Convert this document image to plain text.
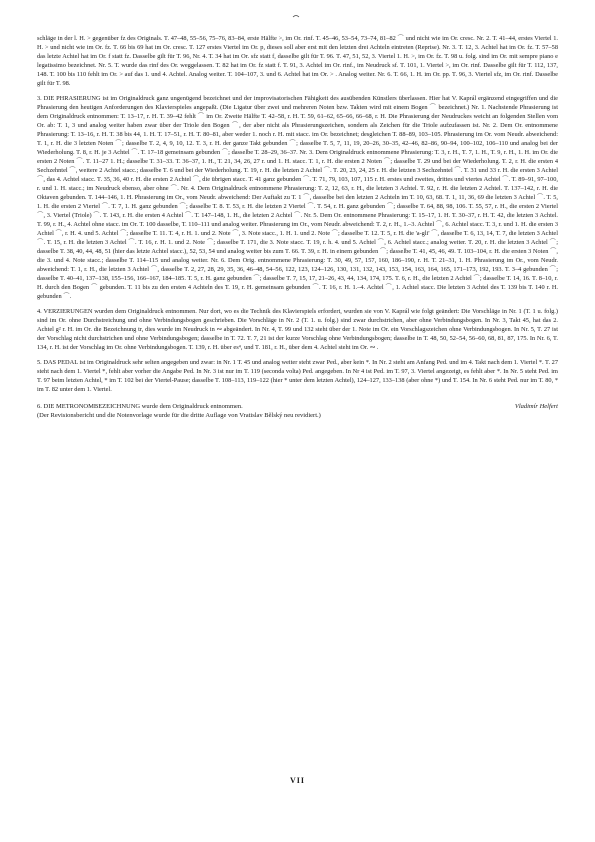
schläge in der l. H. > gegenüber fz des Originals. T. 47–48, 55–56, 75–76, 83–84, erste Hälfte >, im Or. rinf. T. 45–46, 53–54, 73–74, 81–82 ⌒ und nicht wie im Or. cresc. Nr. 2. T. 41–44, erstes Viertel 1. H. > und nicht wie im Or. fz. T. 66 bis 69 hat im Or. cresc. T. 127 erstes Viertel im Or. p, dieses soll aber erst mit den letzten drei Achteln eintreten (Reprise). Nr. 3. T. 12, 3. Achtel hat im Or. fz. T. 57–58 das letzte Achtel hat im Or. f statt fz. Dasselbe gilt für T. 96, Nr. 4. T. 34 hat im Or. sfz statt f, dasselbe gilt für T. 96. T. 47, 51, 52, 3. Viertel 1. H. >, im Or. fz. T. 98 u. folg. sind im Or. mit sempre piano e legatissimo bezeichnet. Nr. 5. T. wurde das rinf des Or. weggelassen. T. 82 hat im Or. fz statt f. T. 91, 3. Achtel im Or. rinf., im Neudruck sf. T. 101, 1. Viertel >, im Or. rinf. Dasselbe gilt für T. 112, 137, 148. T. 100 bis 110 fehlt im Or. > auf das 1. und 4. Achtel. Analog weiter. T. 104–107, 3. und 6. Achtel hat im Or. > . Analog weiter. Nr. 6. T. 66, 1. H. im Or. pp. T. 96, 3. Viertel sfz, im Or. rinf. Dasselbe gilt für T. 98.

3. DIE PHRASIERUNG ist im Originaldruck ganz ungenügend bezeichnet und der improvisatorischen Fähigkeit des ausübenden Künstlers überlassen. Hier hat V. Kaprál ergänzend eingegriffen und die Phrasierung den heutigen Anforderungen des Klavierspieles angepaßt. (Die Ligatur über zwei und mehreren Noten bzw. Takten wird mit einem Bogen ⌒ bezeichnet.) Nr. 1. Nachstende Phrasierung ist dem Originaldruck entnommen: T. 13–17, r. H. T. 39–42 fehlt ⌒ im Or. Zweite Hälfte T. 42–58, r. H. T. 59, 61–62, 65–66, 66–68, r. H. Die Phrasierung der Neudruckes weicht an folgenden Stellen vom Or. ab: T. 1, 3 und analog weiter haben zwar über der Triole den Bogen ⌒, der aber nicht als Phrasierungszeichen, sondern als Zeichen für die Triole aufzufassen ist. Nr. 2. Dem Or. entnommene Phrasierung: T. 13–16, r. H. T. 38 bis 44, 1. H. T. 17–51, r. H. T. 80–81, aber weder 1. noch r. H. mit stacc. im Or. bezeichnet; desgleichen T. 88–89, 103–105. Phrasierung im Or. vom Neudr. abweichend: T. 1, r. H. die 3 letzten Noten ⌒; dasselbe T. 2, 4, 9, 10, 12. T. 3, r. H. der ganze Takt gebunden ⌒; dasselbe T. 5, 7, 11, 19, 20–26, 30–35, 42–46, 82–86, 90–94, 100–102, 106–110 und analog bei der Wiederholung. T. 8, r. H. je 3 Achtel ⌒. T. 17–18 gemeinsam gebunden ⌒; dasselbe T. 28–29, 36–37. Nr. 3. Dem Originaldruck entnommene Phrasierung: T. 3, r. H., T. 7, 1. H., T. 9, r. H., 1. H. im Or. die ersten 2 Noten ⌒. T. 11–27 1. H.; dasselbe T. 31–33. T. 36–37, 1. H., T. 21, 34, 26, 27 r. und 1. H. stacc. T. 1, r. H. die ersten 2 Noten ⌒; dasselbe T. 29 und bei der Wiederholung. T. 2, r. H. die ersten 4 Sechzehntel ⌒, weitere 2 Achtel stacc.; dasselbe T. 6 und bei der Wiederholung. T. 19, r. H. die letzten 2 Achtel ⌒. T. 20, 23, 24, 25 r. H. die letzten 3 Sechzehntel ⌒. T. 31 und 33 r. H. die ersten 3 Achtel ⌒, das 4. Achtel stacc. T. 35, 36, 40 r. H. die ersten 2 Achtel ⌒, die übrigen stacc. T. 41 ganz gebunden ⌒. T. 71, 79, 103, 107, 115 r. H. erstes und zweites, drittes und viertes Achtel ⌒. T. 89–91, 97–100, r. und 1. H. stacc.; im Neudruck ebenso, aber ohne ⌒. Nr. 4. Dem Originaldruck entnommene Phrasierung: T. 2, 12, 63, r. H., die letzten 3 Achtel. T. 92, r. H. die letzten 2 Achtel. T. 137–142, r. H. die Oktaven gebunden. T. 144–146, 1. H. Phrasierung im Or., vom Neudr. abweichend: Der Auftakt zu T. 1 ⌒, dasselbe bei den letzten 2 Achteln im T. 10, 63, 68. T. 1, 11, 36, 69 die letzten 3 Achtel ⌒. T. 5, 1. H. die ersten 2 Viertel ⌒. T. 7, 1. H. ganz gebunden ⌒; dasselbe T. 8. T. 53, r. H. die letzten 2 Viertel ⌒. T. 54, r. H. ganz gebunden ⌒; dasselbe T. 64, 88, 98, 106. T. 55, 57, r. H., die ersten 2 Viertel ⌒, 3. Viertel (Triole) ⌒. T. 143, r. H. die ersten 4 Achtel ⌒. T. 147–148, 1. H., die letzten 2 Achtel ⌒. Nr. 5. Dem Or. entnommene Phrasierung: T. 15–17, 1. H. T. 30–37, r. H. T. 42, die letzten 3 Achtel. T. 99, r. H., 4. Achtel ohne stacc. im Or. T. 100 dasselbe, T. 110–111 und analog weiter. Phrasierung im Or., vom Neudr. abweichend: T. 2, r. H., 1.–3. Achtel ⌒, 6. Achtel stacc. T. 3, r. und 1. H. die ersten 3 Achtel ⌒, r. H. 4. und 5. Achtel ⌒; dasselbe T. 11. T. 4, r. H. 1. und 2. Note ⌒, 3. Note stacc., 1. H. 1. und 2. Note ⌒; dasselbe T. 12. T. 5, r. H. die 'a-gli' ⌒, dasselbe T. 6, 13, 14, T. 7, die letzten 3 Achtel ⌒. T. 15, r. H. die letzten 3 Achtel ⌒. T. 16, r. H. 1. und 2. Note ⌒; dasselbe T. 171, die 3. Note stacc. T. 19, r. h. 4. und 5. Achtel ⌒, 6. Achtel stacc.; analog weiter. T. 20, r. H. die letzten 3 Achtel ⌒; dasselbe T. 38, 40, 44, 48, 51 (hier das letzte Achtel stacc.), 52, 53, 54 und analog weiter bis zum T. 66. T. 39, r. H. in einem gebunden ⌒; dasselbe T. 41, 45, 46, 49. T. 103–104, r. H. die ersten 3 Noten ⌒, die 3. und 4. Note stacc.; dasselbe T. 114–115 und analog weiter. Nr. 6. Dem Orig. entnommene Phrasierung: T. 30, 49, 57, 157, 160, 186–190, r. H. T. 21–31, 1. H. Phrasierung im Or., vom Neudr. abweichend: T. 1, r. H., die letzten 3 Achtel ⌒, dasselbe T. 2, 27, 28, 29, 35, 36, 46–48, 54–56, 122, 123, 124–126, 130, 131, 132, 143, 153, 154, 163, 164, 165, 171–173, 192, 193. T. 3–4 gebunden ⌒; dasselbe T. 40–41, 137–138, 155–156, 166–167, 184–185. T. 5, r. H. ganz gebunden ⌒; dasselbe T. 7, 15, 17, 21–26, 43, 44, 134, 174, 175. T. 6, r. H., die letzten 2 Achtel ⌒; dasselbe T. 14, 16. T. 8–10, r. H. durch den Bogen ⌒ gebunden. T. 11 bis zu den ersten 4 Achteln des T. 19, r. H. gemeinsam gebunden ⌒. T. 16, r. H. 1.–4. Achtel ⌒, 1. Achtel stacc. Die letzten 3 Achtel des T. 139 bis T. 140 r. H. gebunden ⌒.

4. VERZIERUNGEN wurden dem Originaldruck entnommen. Nur dort, wo es die Technik des Klavierspiels erfordert, wurden sie von V. Kaprál wie folgt geändert: Die Vorschläge in Nr. 1 (T. 1 u. folg.) sind im Or. ohne Durchstreichung und ohne Verbindungsbogen geschrieben. Die Vorschläge in Nr. 2 (T. 1. u. folg.) sind zwar durchstrichen, aber ohne Verbindungsbogen. In Nr. 3, Takt 45, hat das 2. Achtel g² r. H. im Or. die Bezeichnung tr, dies wurde im Neudruck in ∾ abgeändert. In Nr. 4, T. 99 und 132 steht über der 1. Note im Or. ein Vorschlagszeichen ohne Verbindungsbogen. In Nr. 5, T. 27 ist der Vorschlag nicht durchstrichen und ohne Verbindungsbogen; dasselbe in T. 72. T. 7, 21 ist der kurze Vorschlag ohne Verbindungsbogen; dasselbe in T. 48, 50, 52–54, 56–60, 68, 81, 87, 175. In Nr. 6, T. 134, r. H. ist der Vorschlag im Or. ohne Verbindungsbogen. T. 139, r. H. über es⁴, und T. 181, r. H., über dem 4. Achtel steht im Or. ∾ .

5. DAS PEDAL ist im Originaldruck sehr selten angegeben und zwar: in Nr. 1 T. 45 und analog weiter steht zwar Ped., aber kein *. In Nr. 2 steht am Anfang Ped. und im 4. Takt nach dem 1. Viertel *. T. 27 steht nach dem 1. Viertel *, fehlt aber vorher die Angabe Ped. In Nr. 3 ist nur im T. 119 (seconda volta) Ped. angegeben. In Nr 4 ist Ped. im T. 97, 3. Viertel angezeigt, es fehlt aber *. In Nr. 5 steht Ped. im T. 97 beim letzten Achtel, * im T. 102 bei der Viertel-Pause; dasselbe T. 108–113, 119–122 (hier * unter dem letzten Achtel), 124–127, 133–138 (aber ohne *) und T. 154. In Nr. 6 steht Ped. nur im T. 80, * im T. 82 unter dem 1. Viertel.

6. DIE METRONOMBEZEICHNUNG wurde dem Originaldruck entnommen.	Vladimír Helfert
(Der Revisionsbericht und die Notenvorlage wurde für die dritte Auflage von Vratislav Bělský neu revidiert.)
VII
